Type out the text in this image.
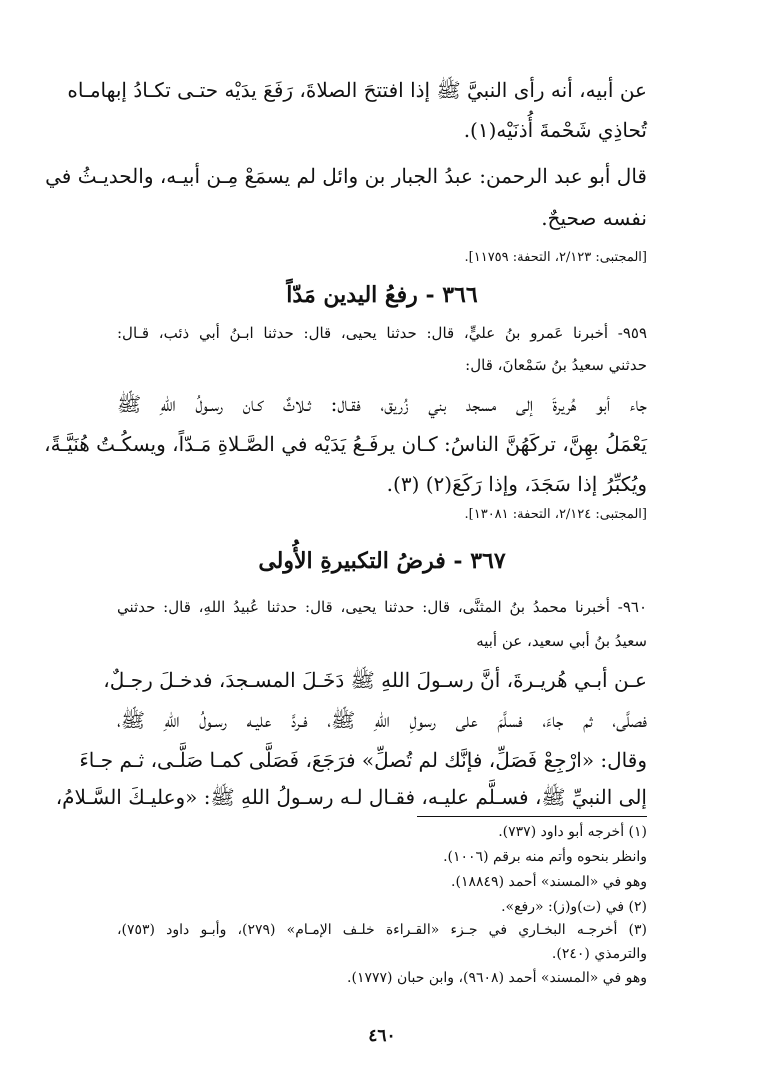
عن أبيه، أنه رأى النبيَّ ﷺ إذا افتتحَ الصلاةَ، رَفَعَ يدَيْه حتـى تكـادُ إبهامـاه
تُحاذِي شَحْمةَ أُذنَيْه(١).
قال أبو عبد الرحمن: عبدُ الجبار بن وائل لم يسمَعْ مِـن أبيـه، والحديـثُ في
نفسه صحيحٌ.
[المجتبى: ٢/١٢٣، التحفة: ١١٧٥٩].
٣٦٦ - رفعُ اليدين مَدّاً
٩٥٩- أخبرنا عَمرو بنُ عليٍّ، قال: حدثنا يحيى، قال: حدثنا ابـنُ أبي ذئب، قـال:
حدثني سعيدُ بنُ سَمْعانَ، قال:
جاء أبو هُريرةَ إلى مسجد بني زُريق، فقـال: ثـلاثٌ كـان رسـولُ اللهِ ﷺ
يَعْمَلُ بهِنَّ، تركَهُنَّ الناسُ: كـان يرفَـعُ يَدَيْه في الصَّـلاةِ مَـدّاً، ويسكُـتُ هُنَيَّـةً،
ويُكبِّرُ إذا سَجَدَ، وإذا رَكَعَ(٢) (٣).
[المجتبى: ٢/١٢٤، التحفة: ١٣٠٨١].
٣٦٧ - فرضُ التكبيرةِ الأُولى
٩٦٠- أخبرنا محمدُ بنُ المثنَّى، قال: حدثنا يحيى، قال: حدثنا عُبيدُ اللهِ، قال: حدثني
سعيدُ بنُ أبي سعيد، عن أبيه
عـن أبـي هُريـرةَ، أنَّ رسـولَ اللهِ ﷺ دَخَـلَ المسـجدَ، فدخـلَ رجـلٌ،
فصلَّى، ثم جاءَ، فسلَّمَ على رسولِ اللهِ ﷺ، فـردَّ عليـه رسـولُ اللهِ ﷺ،
وقال: «ارْجِعْ فَصَلِّ، فإنَّك لم تُصلِّ» فرَجَعَ، فَصَلَّى كمـا صَلَّـى، ثـم جـاءَ
إلى النبيِّ ﷺ، فسـلَّم عليـه، فقـال لـه رسـولُ اللهِ ﷺ: «وعليـكَ السَّـلامُ،
(١) أخرجه أبو داود (٧٣٧).
وانظر بنحوه وأتم منه برقم (١٠٠٦).
وهو في «المسند» أحمد (١٨٨٤٩).
(٢) في (ت)و(ز): «رفع».
(٣) أخرجـه البخـاري في جـزء «القـراءة خلـف الإمـام» (٢٧٩)، وأبـو داود (٧٥٣)،
والترمذي (٢٤٠).
وهو في «المسند» أحمد (٩٦٠٨)، وابن حبان (١٧٧٧).
٤٦٠
